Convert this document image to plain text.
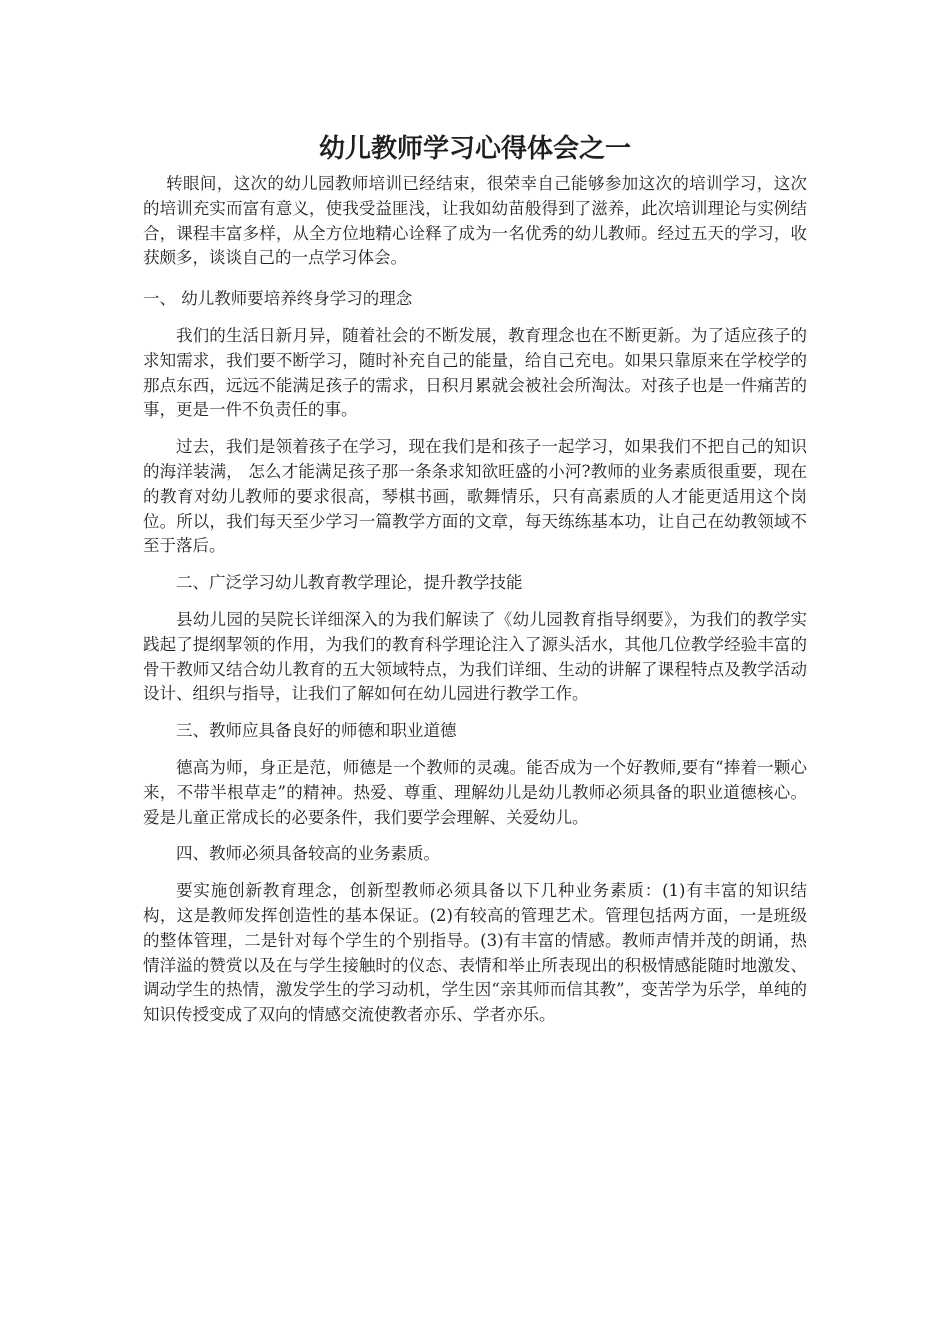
幼儿教师学习心得体会之一

转眼间，这次的幼儿园教师培训已经结束，很荣幸自己能够参加这次的培训学习，这次的培训充实而富有意义，使我受益匪浅，让我如幼苗般得到了滋养，此次培训理论与实例结合，课程丰富多样，从全方位地精心诠释了成为一名优秀的幼儿教师。经过五天的学习，收获颇多，谈谈自己的一点学习体会。

一、 幼儿教师要培养终身学习的理念

我们的生活日新月异，随着社会的不断发展，教育理念也在不断更新。为了适应孩子的求知需求，我们要不断学习，随时补充自己的能量，给自己充电。如果只靠原来在学校学的那点东西，远远不能满足孩子的需求，日积月累就会被社会所淘汰。对孩子也是一件痛苦的事，更是一件不负责任的事。

过去，我们是领着孩子在学习，现在我们是和孩子一起学习，如果我们不把自己的知识的海洋装满， 怎么才能满足孩子那一条条求知欲旺盛的小河?教师的业务素质很重要，现在的教育对幼儿教师的要求很高，琴棋书画，歌舞情乐，只有高素质的人才能更适用这个岗位。所以，我们每天至少学习一篇教学方面的文章，每天练练基本功，让自己在幼教领域不至于落后。

二、广泛学习幼儿教育教学理论，提升教学技能

县幼儿园的吴院长详细深入的为我们解读了《幼儿园教育指导纲要》，为我们的教学实践起了提纲挈领的作用，为我们的教育科学理论注入了源头活水，其他几位教学经验丰富的骨干教师又结合幼儿教育的五大领域特点，为我们详细、生动的讲解了课程特点及教学活动设计、组织与指导，让我们了解如何在幼儿园进行教学工作。

三、教师应具备良好的师德和职业道德

德高为师，身正是范，师德是一个教师的灵魂。能否成为一个好教师,要有“捧着一颗心来，不带半根草走”的精神。热爱、尊重、理解幼儿是幼儿教师必须具备的职业道德核心。爱是儿童正常成长的必要条件，我们要学会理解、关爱幼儿。

四、教师必须具备较高的业务素质。

要实施创新教育理念，创新型教师必须具备以下几种业务素质：(1)有丰富的知识结构，这是教师发挥创造性的基本保证。(2)有较高的管理艺术。管理包括两方面，一是班级的整体管理，二是针对每个学生的个别指导。(3)有丰富的情感。教师声情并茂的朗诵，热情洋溢的赞赏以及在与学生接触时的仪态、表情和举止所表现出的积极情感能随时地激发、调动学生的热情，激发学生的学习动机，学生因“亲其师而信其教”，变苦学为乐学，单纯的知识传授变成了双向的情感交流使教者亦乐、学者亦乐。
